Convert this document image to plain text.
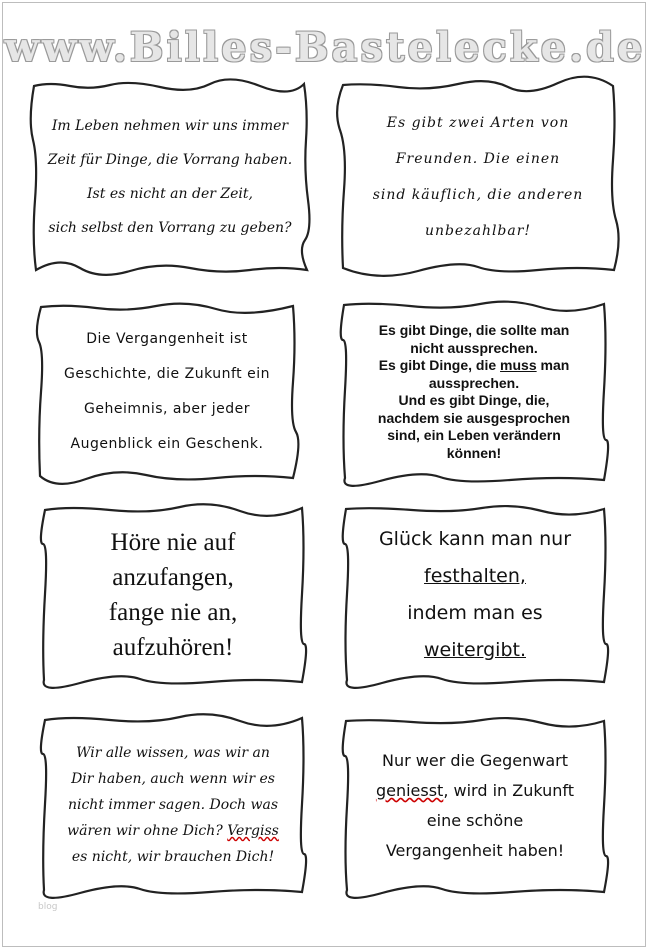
www.Billes-Bastelecke.de
Im Leben nehmen wir uns immer
Zeit für Dinge, die Vorrang haben.
Ist es nicht an der Zeit,
sich selbst den Vorrang zu geben?
Es gibt zwei Arten von
Freunden. Die einen
sind käuflich, die anderen
unbezahlbar!
Die Vergangenheit ist
Geschichte, die Zukunft ein
Geheimnis, aber jeder
Augenblick ein Geschenk.
Es gibt Dinge, die sollte man
nicht aussprechen.
Es gibt Dinge, die muss man
aussprechen.
Und es gibt Dinge, die,
nachdem sie ausgesprochen
sind, ein Leben verändern
können!
Höre nie auf
anzufangen,
fange nie an,
aufzuhören!
Glück kann man nur
festhalten,
indem man es
weitergibt.
Wir alle wissen, was wir an
Dir haben, auch wenn wir es
nicht immer sagen. Doch was
wären wir ohne Dich? Vergiss
es nicht, wir brauchen Dich!
Nur wer die Gegenwart
geniesst, wird in Zukunft
eine schöne
Vergangenheit haben!
blog
